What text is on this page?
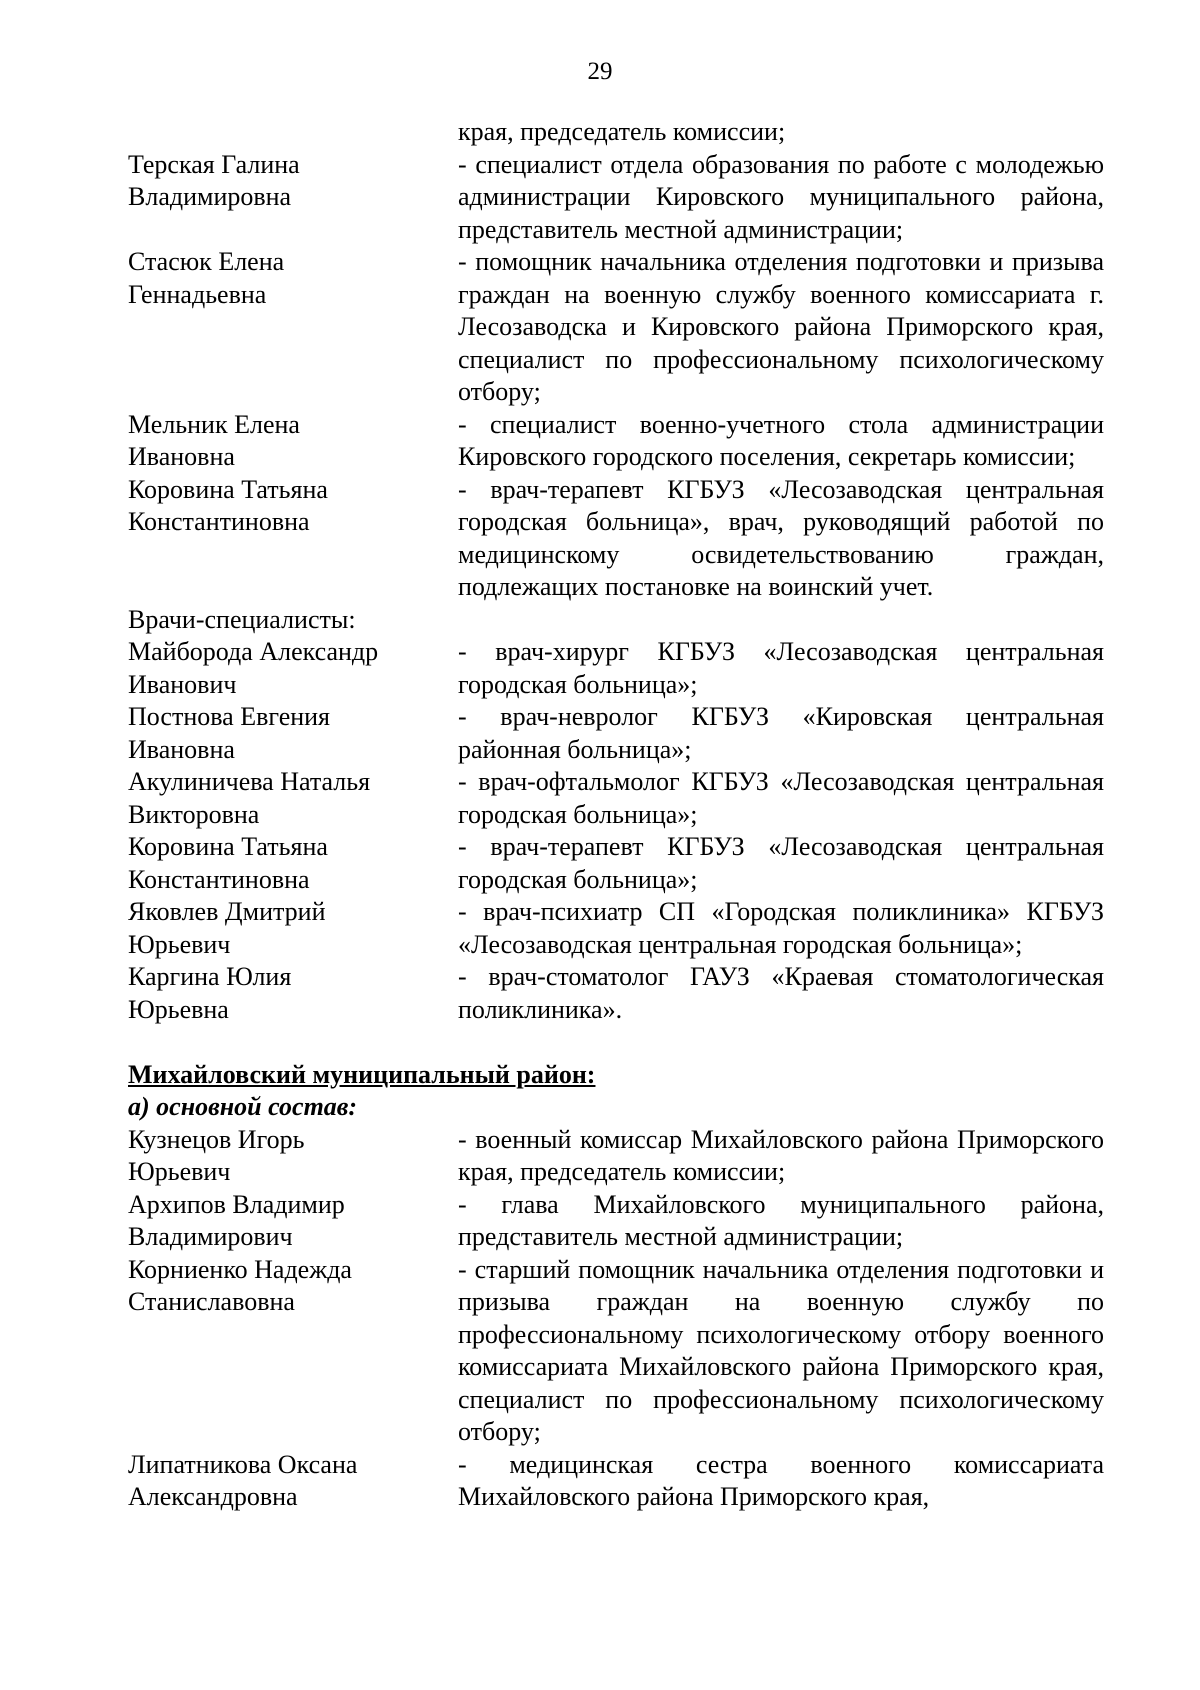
29
края, председатель комиссии;
Терская Галина
Владимировна
- специалист отдела образования по работе с молодежью администрации Кировского муниципального района, представитель местной администрации;
Стасюк Елена
Геннадьевна
- помощник начальника отделения подготовки и призыва граждан на военную службу военного комиссариата г. Лесозаводска и Кировского района Приморского края, специалист по профессиональному психологическому отбору;
Мельник Елена
Ивановна
- специалист военно-учетного стола администрации Кировского городского поселения, секретарь комиссии;
Коровина Татьяна
Константиновна
- врач-терапевт КГБУЗ «Лесозаводская центральная городская больница», врач, руководящий работой по медицинскому освидетельствованию граждан, подлежащих постановке на воинский учет.
Врачи-специалисты:
Майборода Александр
Иванович
- врач-хирург КГБУЗ «Лесозаводская центральная городская больница»;
Постнова Евгения
Ивановна
- врач-невролог КГБУЗ «Кировская центральная районная больница»;
Акулиничева Наталья
Викторовна
- врач-офтальмолог КГБУЗ «Лесозаводская центральная городская больница»;
Коровина Татьяна
Константиновна
- врач-терапевт КГБУЗ «Лесозаводская центральная городская больница»;
Яковлев Дмитрий
Юрьевич
- врач-психиатр СП «Городская поликлиника» КГБУЗ «Лесозаводская центральная городская больница»;
Каргина Юлия
Юрьевна
- врач-стоматолог ГАУЗ «Краевая стоматологическая поликлиника».
Михайловский муниципальный район:
а) основной состав:
Кузнецов Игорь
Юрьевич
- военный комиссар Михайловского района Приморского края, председатель комиссии;
Архипов Владимир
Владимирович
- глава Михайловского муниципального района, представитель местной администрации;
Корниенко Надежда
Станиславовна
- старший помощник начальника отделения подготовки и призыва граждан на военную службу по профессиональному психологическому отбору военного комиссариата Михайловского района Приморского края, специалист по профессиональному психологическому отбору;
Липатникова Оксана
Александровна
- медицинская сестра военного комиссариата Михайловского района Приморского края,
